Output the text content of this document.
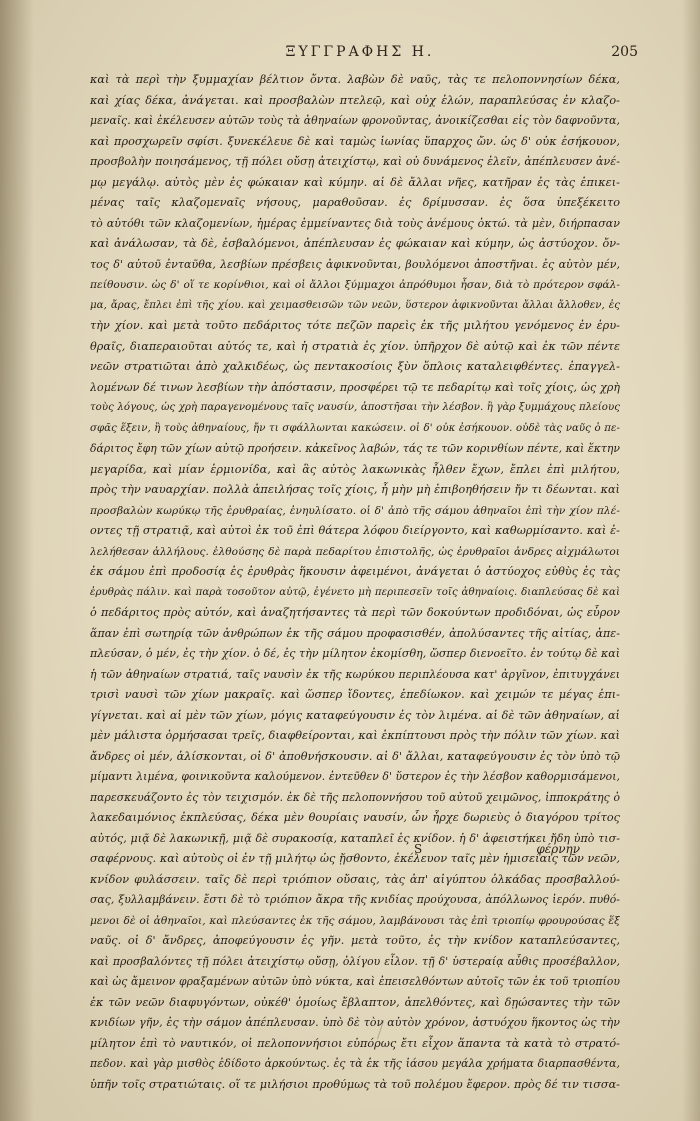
ΞΥΓΓΡΑΦΗΣ Η.	205
καὶ τὰ περὶ τὴν ξυμμαχίαν βέλτιον ὄντα. λαβὼν δὲ ναῦς, τὰς τε πελοποννησίων δέκα,
καὶ χίας δέκα, ἀνάγεται. καὶ προσβαλὼν πτελεῷ, καὶ οὐχ ἑλών, παραπλεύσας ἐν κλαζο-
μεναῖς. καὶ ἐκέλευσεν αὐτῶν τοὺς τὰ ἀθηναίων φρονοῦντας, ἀνοικίζεσθαι εἰς τὸν δαφνοῦντα,
καὶ προσχωρεῖν σφίσι. ξυνεκέλευε δὲ καὶ ταμὼς ἰωνίας ὕπαρχος ὤν. ὡς δ' οὐκ ἐσήκουον,
προσβολὴν ποιησάμενος, τῇ πόλει οὔσῃ ἀτειχίστῳ, καὶ οὐ δυνάμενος ἑλεῖν, ἀπέπλευσεν ἀνέ-
μῳ μεγάλῳ. αὐτὸς μὲν ἐς φώκαιαν καὶ κύμην. αἱ δὲ ἄλλαι νῆες, κατῆραν ἐς τὰς ἐπικει-
μένας ταῖς κλαζομεναῖς νήσους, μαραθοῦσαν. ἐς δρίμυσσαν. ἐς ὅσα ὑπεξέκειτο
τὸ αὐτόθι τῶν κλαζομενίων, ἡμέρας ἐμμείναντες διὰ τοὺς ἀνέμους ὀκτώ. τὰ μὲν, διήρπασαν
καὶ ἀνάλωσαν, τὰ δὲ, ἐσβαλόμενοι, ἀπέπλευσαν ἐς φώκαιαν καὶ κύμην, ὡς ἀστύοχον. ὄν-
τος δ' αὐτοῦ ἐνταῦθα, λεσβίων πρέσβεις ἀφικνοῦνται, βουλόμενοι ἀποστῆναι. ἐς αὐτὸν μέν,
πείθουσιν. ὡς δ' οἵ τε κορίνθιοι, καὶ οἱ ἄλλοι ξύμμαχοι ἀπρόθυμοι ἦσαν, διὰ τὸ πρότερον σφάλ-
μα, ἄρας, ἔπλει ἐπὶ τῆς χίου. καὶ χειμασθεισῶν τῶν νεῶν, ὕστερον ἀφικνοῦνται ἄλλαι ἄλλοθεν, ἐς
τὴν χίον. καὶ μετὰ τοῦτο πεδάριτος τότε πεζῶν παρεὶς ἐκ τῆς μιλήτου γενόμενος ἐν ἐρυ-
θραῖς, διαπεραιοῦται αὐτός τε, καὶ ἡ στρατιὰ ἐς χίον. ὑπῆρχον δὲ αὐτῷ καὶ ἐκ τῶν πέντε
νεῶν στρατιῶται ἀπὸ χαλκιδέως, ὡς πεντακοσίοις ξὺν ὅπλοις καταλειφθέντες. ἐπαγγελ-
λομένων δέ τινων λεσβίων τὴν ἀπόστασιν, προσφέρει τῷ τε πεδαρίτῳ καὶ τοῖς χίοις, ὡς χρὴ
τοὺς λόγους, ὡς χρὴ παραγενομένους ταῖς ναυσίν, ἀποστῆσαι τὴν λέσβον. ἢ γὰρ ξυμμάχους πλείους
σφᾶς ἕξειν, ἢ τοὺς ἀθηναίους, ἤν τι σφάλλωνται κακώσειν. οἱ δ' οὐκ ἐσήκουον. οὐδὲ τὰς ναῦς ὁ πε-
δάριτος ἔφη τῶν χίων αὐτῷ προήσειν. κἀκεῖνος λαβών, τάς τε τῶν κορινθίων πέντε, καὶ ἕκτην
μεγαρίδα, καὶ μίαν ἑρμιονίδα, καὶ ἃς αὐτὸς λακωνικὰς ἦλθεν ἔχων, ἔπλει ἐπὶ μιλήτου,
πρὸς τὴν ναυαρχίαν. πολλὰ ἀπειλήσας τοῖς χίοις, ἦ μὴν μὴ ἐπιβοηθήσειν ἤν τι δέωνται. καὶ
προσβαλὼν κωρύκῳ τῆς ἐρυθραίας, ἐνηυλίσατο. οἱ δ' ἀπὸ τῆς σάμου ἀθηναῖοι ἐπὶ τὴν χίον πλέ-
οντες τῇ στρατιᾷ, καὶ αὐτοὶ ἐκ τοῦ ἐπὶ θάτερα λόφου διείργοντο, καὶ καθωρμίσαντο. καὶ ἐ-
λελήθεσαν ἀλλήλους. ἐλθούσης δὲ παρὰ πεδαρίτου ἐπιστολῆς, ὡς ἐρυθραῖοι ἀνδρες αἰχμάλωτοι
ἐκ σάμου ἐπὶ προδοσίᾳ ἐς ἐρυθρὰς ἥκουσιν ἀφειμένοι, ἀνάγεται ὁ ἀστύοχος εὐθὺς ἐς τὰς
ἐρυθρὰς πάλιν. καὶ παρὰ τοσοῦτον αὐτῷ, ἐγένετο μὴ περιπεσεῖν τοῖς ἀθηναίοις. διαπλεύσας δὲ καὶ
ὁ πεδάριτος πρὸς αὐτόν, καὶ ἀναζητήσαντες τὰ περὶ τῶν δοκούντων προδιδόναι, ὡς εὗρον
ἅπαν ἐπὶ σωτηρίᾳ τῶν ἀνθρώπων ἐκ τῆς σάμου προφασισθέν, ἀπολύσαντες τῆς αἰτίας, ἀπε-
πλεύσαν, ὁ μέν, ἐς τὴν χίον. ὁ δέ, ἐς τὴν μίλητον ἐκομίσθη, ὥσπερ διενοεῖτο. ἐν τούτῳ δὲ καὶ
ἡ τῶν ἀθηναίων στρατιά, ταῖς ναυσὶν ἐκ τῆς κωρύκου περιπλέουσα κατ' ἀργῖνον, ἐπιτυγχάνει
τρισὶ ναυσὶ τῶν χίων μακραῖς. καὶ ὥσπερ ἴδοντες, ἐπεδίωκον. καὶ χειμών τε μέγας ἐπι-
γίγνεται. καὶ αἱ μὲν τῶν χίων, μόγις καταφεύγουσιν ἐς τὸν λιμένα. αἱ δὲ τῶν ἀθηναίων, αἱ
μὲν μάλιστα ὁρμήσασαι τρεῖς, διαφθείρονται, καὶ ἐκπίπτουσι πρὸς τὴν πόλιν τῶν χίων. καὶ
ἄνδρες οἱ μέν, ἁλίσκονται, οἱ δ' ἀποθνήσκουσιν. αἱ δ' ἄλλαι, καταφεύγουσιν ἐς τὸν ὑπὸ τῷ
μίμαντι λιμένα, φοινικοῦντα καλούμενον. ἐντεῦθεν δ' ὕστερον ἐς τὴν λέσβον καθορμισάμενοι,
παρεσκευάζοντο ἐς τὸν τειχισμόν. ἐκ δὲ τῆς πελοποννήσου τοῦ αὐτοῦ χειμῶνος, ἱπποκράτης ὁ
λακεδαιμόνιος ἐκπλεύσας, δέκα μὲν θουρίαις ναυσίν, ὧν ἦρχε δωριεὺς ὁ διαγόρου τρίτος
αὐτός, μιᾷ δὲ λακωνικῇ, μιᾷ δὲ συρακοσίᾳ, καταπλεῖ ἐς κνίδον. ἡ δ' ἀφειστήκει ἤδη ὑπὸ τισ-
σαφέρνους. καὶ αὐτοὺς οἱ ἐν τῇ μιλήτῳ ὡς ᾔσθοντο, ἐκέλευον ταῖς μὲν ἡμισείαις τῶν νεῶν,
κνίδον φυλάσσειν. ταῖς δὲ περὶ τριόπιον οὔσαις, τὰς ἀπ' αἰγύπτου ὁλκάδας προσβαλλού-
σας, ξυλλαμβάνειν. ἔστι δὲ τὸ τριόπιον ἄκρα τῆς κνιδίας προύχουσα, ἀπόλλωνος ἱερόν. πυθό-
μενοι δὲ οἱ ἀθηναῖοι, καὶ πλεύσαντες ἐκ τῆς σάμου, λαμβάνουσι τὰς ἐπὶ τριοπίῳ φρουρούσας ἕξ
ναῦς. οἱ δ' ἄνδρες, ἀποφεύγουσιν ἐς γῆν. μετὰ τοῦτο, ἐς τὴν κνίδον καταπλεύσαντες,
καὶ προσβαλόντες τῇ πόλει ἀτειχίστῳ οὔσῃ, ὀλίγου εἷλον. τῇ δ' ὑστεραίᾳ αὖθις προσέβαλλον,
καὶ ὡς ἄμεινον φραξαμένων αὐτῶν ὑπὸ νύκτα, καὶ ἐπεισελθόντων αὐτοῖς τῶν ἐκ τοῦ τριοπίου
ἐκ τῶν νεῶν διαφυγόντων, οὐκέθ' ὁμοίως ἔβλαπτον, ἀπελθόντες, καὶ δῃώσαντες τὴν τῶν
κνιδίων γῆν, ἐς τὴν σάμον ἀπέπλευσαν. ὑπὸ δὲ τὸν αὐτὸν χρόνον, ἀστυόχου ἥκοντος ὡς τὴν
μίλητον ἐπὶ τὸ ναυτικόν, οἱ πελοποννήσιοι εὐπόρως ἔτι εἶχον ἅπαντα τὰ κατὰ τὸ στρατό-
πεδον. καὶ γὰρ μισθὸς ἐδίδοτο ἀρκούντως. ἐς τὰ ἐκ τῆς ἰάσου μεγάλα χρήματα διαρπασθέντα,
ὑπῆν τοῖς στρατιώταις. οἵ τε μιλήσιοι προθύμως τὰ τοῦ πολέμου ἔφερον. πρὸς δέ τιν τισσα-
S	φέρνην
